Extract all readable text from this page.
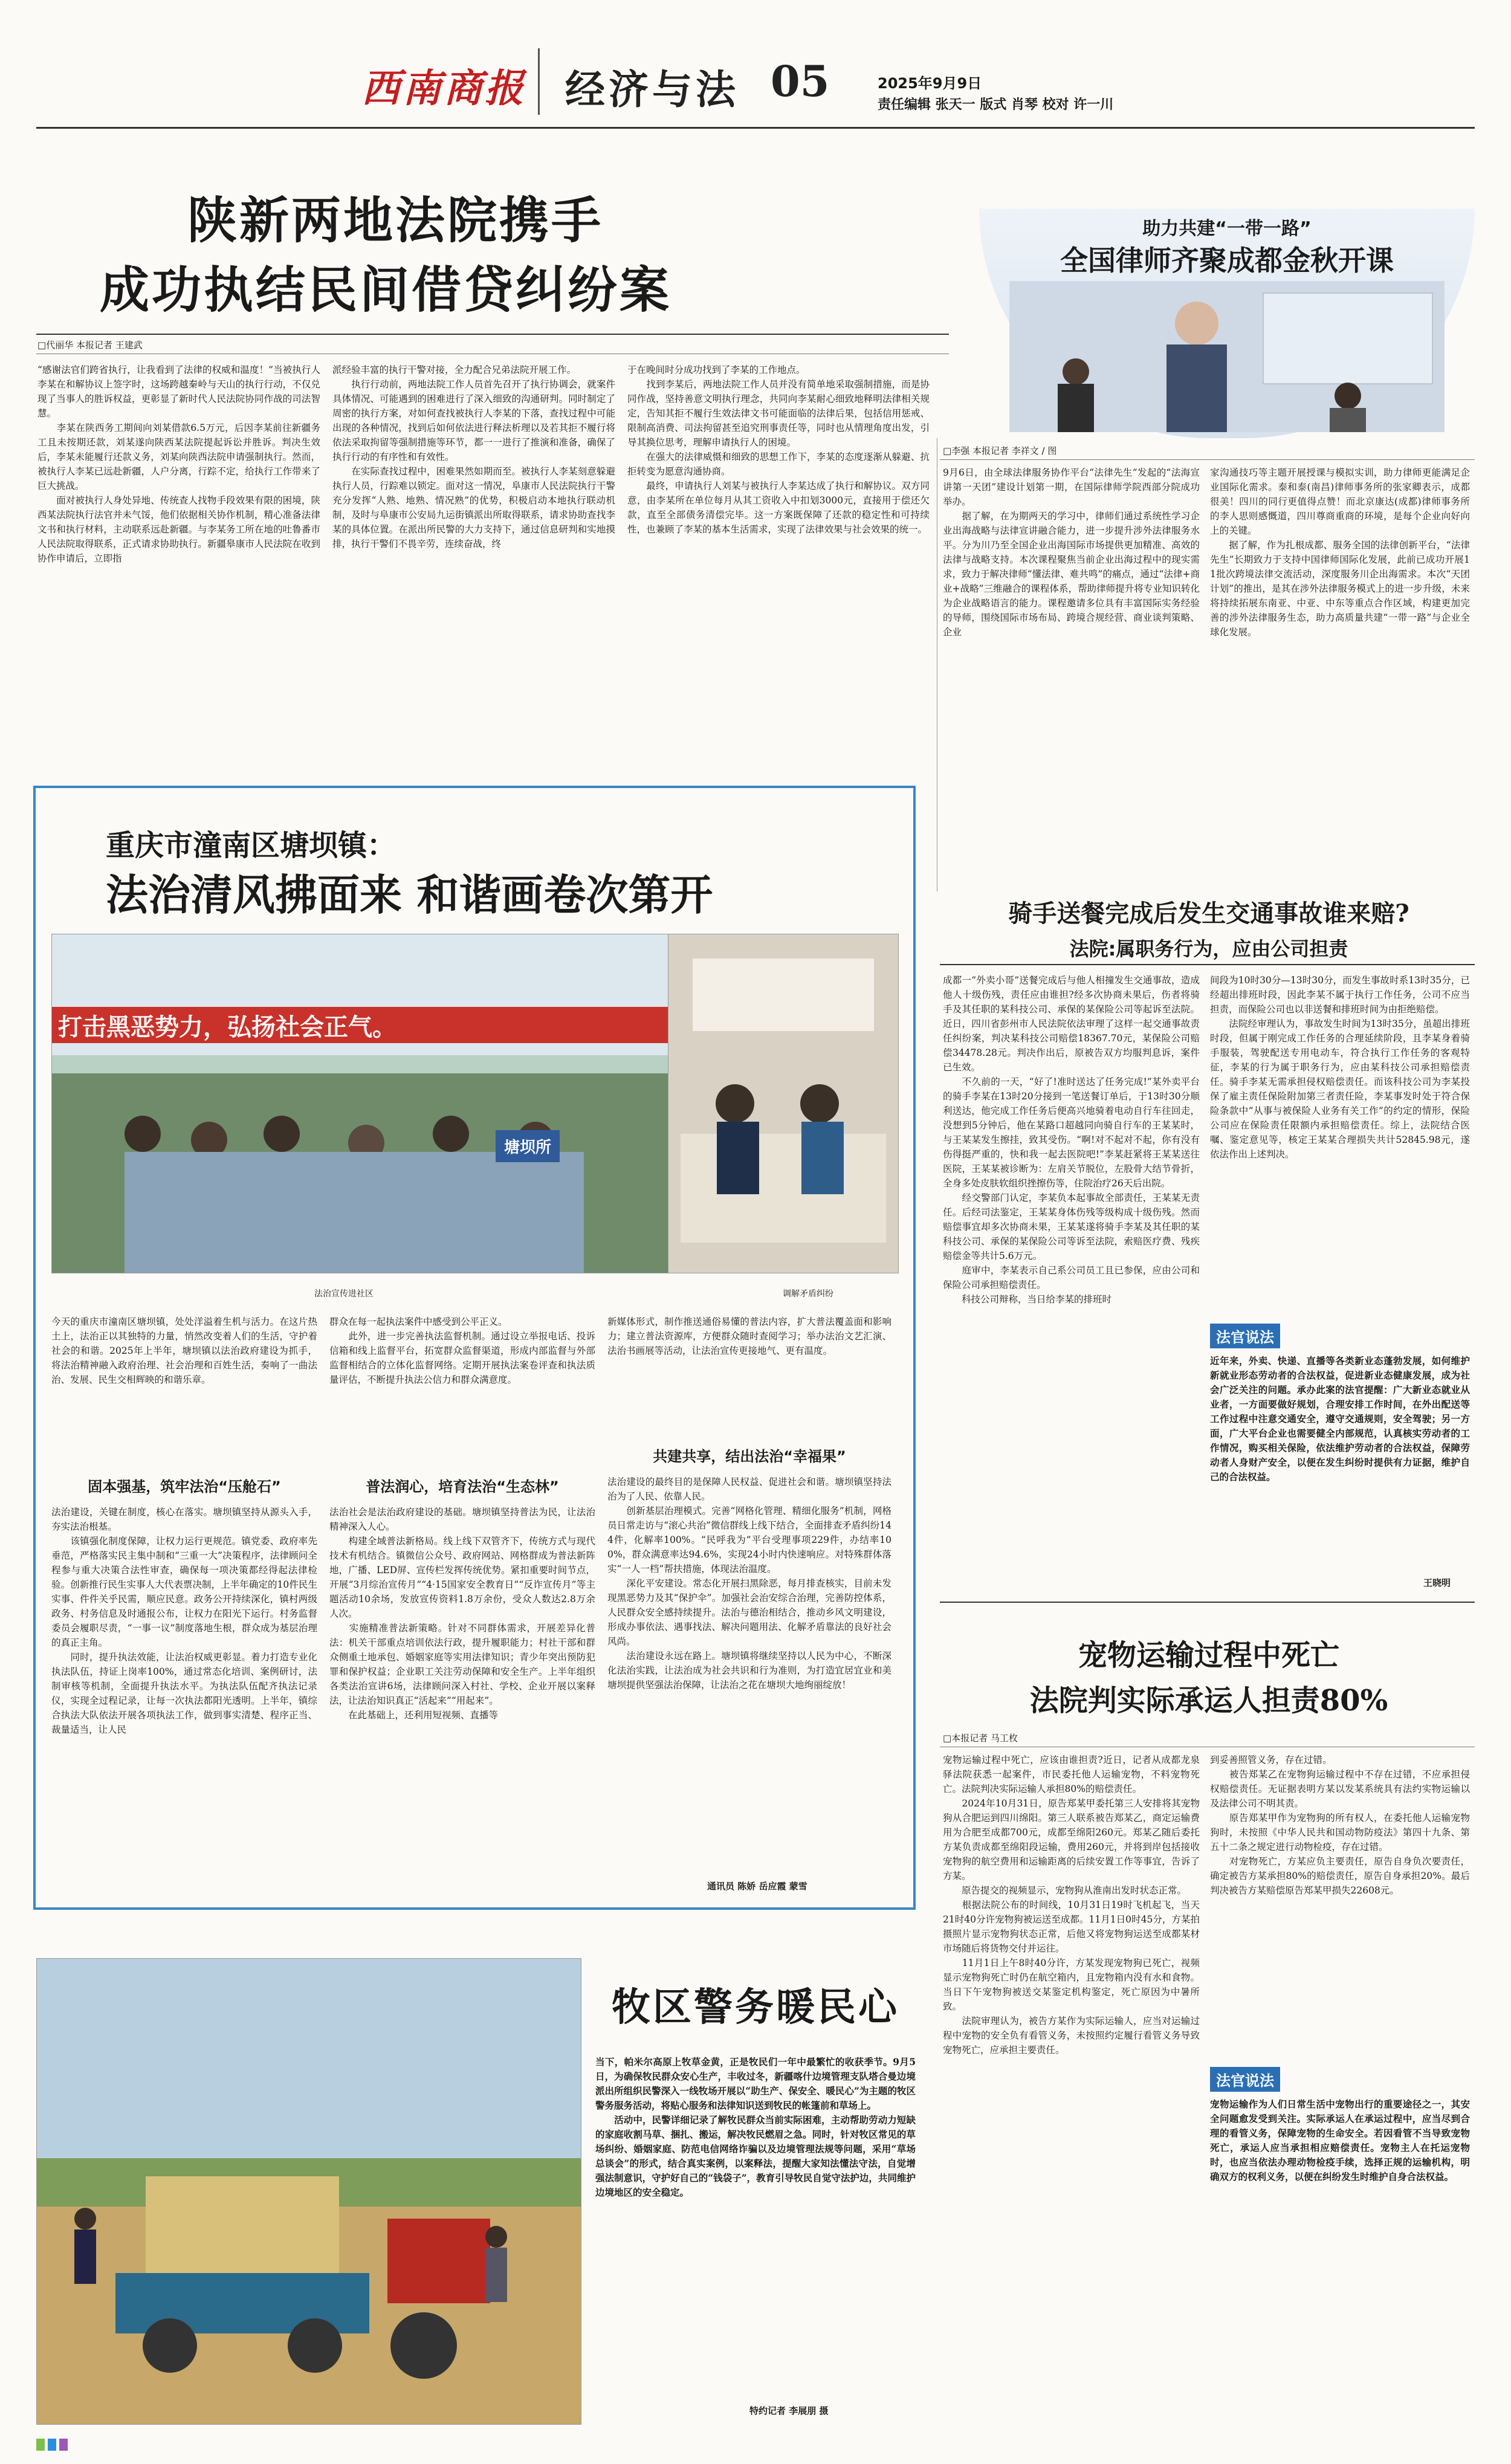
西南商报 经济与法 05	2025年9月9日
责任编辑 张天一 版式 肖琴 校对 许一川
陕新两地法院携手
成功执结民间借贷纠纷案
□代丽华 本报记者 王建武
“感谢法官们跨省执行，让我看到了法律的权威和温度！”当被执行人李某在和解协议上签字时，这场跨越秦岭与天山的执行行动，不仅兑现了当事人的胜诉权益，更彰显了新时代人民法院协同作战的司法智慧。
　　李某在陕西务工期间向刘某借款6.5万元，后因李某前往新疆务工且未按期还款，刘某遂向陕西某法院提起诉讼并胜诉。判决生效后，李某未能履行还款义务，刘某向陕西法院申请强制执行。然而，被执行人李某已远赴新疆，人户分离，行踪不定，给执行工作带来了巨大挑战。
　　面对被执行人身处异地、传统查人找物手段效果有限的困境，陕西某法院执行法官并未气馁，他们依据相关协作机制，精心准备法律文书和执行材料，主动联系远赴新疆。与李某务工所在地的吐鲁番市人民法院取得联系，正式请求协助执行。新疆皋康市人民法院在收到协作申请后，立即指
派经验丰富的执行干警对接，全力配合兄弟法院开展工作。
　　执行行动前，两地法院工作人员首先召开了执行协调会，就案件具体情况、可能遇到的困难进行了深入细致的沟通研判。同时制定了周密的执行方案，对如何查找被执行人李某的下落，查找过程中可能出现的各种情况，找到后如何依法进行释法析理以及若其拒不履行将依法采取拘留等强制措施等环节，都一一进行了推演和准备，确保了执行行动的有序性和有效性。
　　在实际查找过程中，困难果然如期而至。被执行人李某刻意躲避执行人员，行踪难以锁定。面对这一情况，阜康市人民法院执行干警充分发挥“人熟、地熟、情况熟”的优势，积极启动本地执行联动机制，及时与阜康市公安局九运街镇派出所取得联系，请求协助查找李某的具体位置。在派出所民警的大力支持下，通过信息研判和实地摸排，执行干警们不畏辛劳，连续奋战，终
于在晚间时分成功找到了李某的工作地点。
　　找到李某后，两地法院工作人员并没有简单地采取强制措施，而是协同作战，坚持善意文明执行理念，共同向李某耐心细致地释明法律相关规定，告知其拒不履行生效法律文书可能面临的法律后果，包括信用惩戒、限制高消费、司法拘留甚至追究刑事责任等，同时也从情理角度出发，引导其换位思考，理解申请执行人的困境。
　　在强大的法律威慑和细致的思想工作下，李某的态度逐渐从躲避、抗拒转变为愿意沟通协商。
　　最终，申请执行人刘某与被执行人李某达成了执行和解协议。双方同意，由李某所在单位每月从其工资收入中扣划3000元，直接用于偿还欠款，直至全部债务清偿完毕。这一方案既保障了还款的稳定性和可持续性，也兼顾了李某的基本生活需求，实现了法律效果与社会效果的统一。
助力共建“一带一路”
全国律师齐聚成都金秋开课
□李强 本报记者 李祥文 / 图
9月6日，由全球法律服务协作平台“法律先生”发起的“法海宣讲第一天团”建设计划第一期，在国际律师学院西部分院成功举办。
　　据了解，在为期两天的学习中，律师们通过系统性学习企业出海战略与法律宣讲融合能力，进一步提升涉外法律服务水平。分为川乃至全国企业出海国际市场提供更加精准、高效的法律与战略支持。本次课程聚焦当前企业出海过程中的现实需求，致力于解决律师“懂法律、难共鸣”的痛点，通过“法律+商业+战略”三维融合的课程体系，帮助律师提升将专业知识转化为企业战略语言的能力。课程邀请多位具有丰富国际实务经验的导师，围绕国际市场布局、跨境合规经营、商业谈判策略、企业
家沟通技巧等主题开展授课与模拟实训，助力律师更能满足企业国际化需求。泰和泰(南昌)律师事务所的张家卿表示，成都很美！四川的同行更值得点赞！而北京康达(成都)律师事务所的李人思则感慨道，四川尊商重商的环境，是每个企业向好向上的关键。
　　据了解，作为扎根成都、服务全国的法律创新平台，“法律先生”长期致力于支持中国律师国际化发展，此前已成功开展11批次跨境法律交流活动，深度服务川企出海需求。本次“天团计划”的推出，是其在涉外法律服务模式上的进一步升级，未来将持续拓展东南亚、中亚、中东等重点合作区域，构建更加完善的涉外法律服务生态，助力高质量共建“一带一路”与企业全球化发展。
重庆市潼南区塘坝镇：
法治清风拂面来 和谐画卷次第开
打击黑恶势力，弘扬社会正气。
塘坝所
法治宣传进社区	调解矛盾纠纷
今天的重庆市潼南区塘坝镇，处处洋溢着生机与活力。在这片热土上，法治正以其独特的力量，悄然改变着人们的生活，守护着社会的和谐。2025年上半年，塘坝镇以法治政府建设为抓手，将法治精神融入政府治理、社会治理和百姓生活，奏响了一曲法治、发展、民生交相辉映的和谐乐章。
固本强基，筑牢法治“压舱石”
法治建设，关键在制度，核心在落实。塘坝镇坚持从源头入手，夯实法治根基。
　　该镇强化制度保障，让权力运行更规范。镇党委、政府率先垂范，严格落实民主集中制和“三重一大”决策程序，法律顾问全程参与重大决策合法性审查，确保每一项决策都经得起法律检验。创新推行民生实事人大代表票决制，上半年确定的10件民生实事、件件关乎民需，顺应民意。政务公开持续深化，镇村两级政务、村务信息及时通报公布，让权力在阳光下运行。村务监督委员会履职尽责，“一事一议”制度落地生根，群众成为基层治理的真正主角。
　　同时，提升执法效能，让法治权威更彰显。着力打造专业化执法队伍，持证上岗率100%，通过常态化培训、案例研讨，法制审核等机制，全面提升执法水平。为执法队伍配齐执法记录仪，实现全过程记录，让每一次执法都阳光透明。上半年，镇综合执法大队依法开展各项执法工作，做到事实清楚、程序正当、裁量适当，让人民
群众在每一起执法案件中感受到公平正义。
　　此外，进一步完善执法监督机制。通过设立举报电话、投诉信箱和线上监督平台，拓宽群众监督渠道，形成内部监督与外部监督相结合的立体化监督网络。定期开展执法案卷评查和执法质量评估，不断提升执法公信力和群众满意度。
普法润心，培育法治“生态林”
法治社会是法治政府建设的基础。塘坝镇坚持普法为民，让法治精神深入人心。
　　构建全域普法新格局。线上线下双管齐下，传统方式与现代技术有机结合。镇微信公众号、政府网站、网格群成为普法新阵地，广播、LED屏、宣传栏发挥传统优势。紧扣重要时间节点，开展“3月综治宣传月”“4·15国家安全教育日”“反诈宣传月”等主题活动10余场，发放宣传资料1.8万余份，受众人数达2.8万余人次。
　　实施精准普法新策略。针对不同群体需求，开展差异化普法：机关干部重点培训依法行政，提升履职能力；村社干部和群众侧重土地承包、婚姻家庭等实用法律知识；青少年突出预防犯罪和保护权益；企业职工关注劳动保障和安全生产。上半年组织各类法治宣讲6场，法律顾问深入村社、学校、企业开展以案释法，让法治知识真正“活起来”“用起来”。
　　在此基础上，还利用短视频、直播等
新媒体形式，制作推送通俗易懂的普法内容，扩大普法覆盖面和影响力；建立普法资源库，方便群众随时查阅学习；举办法治文艺汇演、法治书画展等活动，让法治宣传更接地气、更有温度。
共建共享，结出法治“幸福果”
法治建设的最终目的是保障人民权益、促进社会和谐。塘坝镇坚持法治为了人民、依靠人民。
　　创新基层治理模式。完善“网格化管理、精细化服务”机制，网格员日常走访与“滚心共治”微信群线上线下结合，全面排查矛盾纠纷144件，化解率100%。“民呼我为”平台受理事项229件，办结率100%，群众满意率达94.6%，实现24小时内快速响应。对特殊群体落实“一人一档”帮扶措施，体现法治温度。
　　深化平安建设。常态化开展扫黑除恶，每月排查核实，目前未发现黑恶势力及其“保护伞”。加强社会治安综合治理，完善防控体系，人民群众安全感持续提升。法治与德治相结合，推动乡风文明建设，形成办事依法、遇事找法、解决问题用法、化解矛盾靠法的良好社会风尚。
　　法治建设永远在路上。塘坝镇将继续坚持以人民为中心，不断深化法治实践，让法治成为社会共识和行为准则，为打造宜居宜业和美塘坝提供坚强法治保障，让法治之花在塘坝大地绚丽绽放！
通讯员 陈娇 岳应霞 蒙雪
骑手送餐完成后发生交通事故谁来赔?
法院:属职务行为，应由公司担责
成都一“外卖小哥”送餐完成后与他人相撞发生交通事故，造成他人十级伤残，责任应由谁担?经多次协商未果后，伤者将骑手及其任职的某科技公司、承保的某保险公司等起诉至法院。近日，四川省彭州市人民法院依法审理了这样一起交通事故责任纠纷案，判决某科技公司赔偿18367.70元，某保险公司赔偿34478.28元。判决作出后，原被告双方均服判息诉，案件已生效。
　　不久前的一天，“好了!准时送达了任务完成!”某外卖平台的骑手李某在13时20分接到一笔送餐订单后，于13时30分顺利送达，他完成工作任务后便高兴地骑着电动自行车往回走，没想到5分钟后，他在某路口超越同向骑自行车的王某某时，与王某某发生擦挂，致其受伤。“啊!对不起对不起，你有没有伤得挺严重的，快和我一起去医院吧!”李某赶紧将王某某送往医院，王某某被诊断为：左肩关节脱位，左股骨大结节骨折，全身多处皮肤软组织挫擦伤等，住院治疗26天后出院。
　　经交警部门认定，李某负本起事故全部责任，王某某无责任。后经司法鉴定，王某某身体伤残等级构成十级伤残。然而赔偿事宜却多次协商未果，王某某遂将骑手李某及其任职的某科技公司、承保的某保险公司等诉至法院，索赔医疗费、残疾赔偿金等共计5.6万元。
　　庭审中，李某表示自己系公司员工且已参保，应由公司和保险公司承担赔偿责任。
　　科技公司辩称，当日给李某的排班时
间段为10时30分—13时30分，而发生事故时系13时35分，已经超出排班时段，因此李某不属于执行工作任务，公司不应当担责，而保险公司也以非送餐和排班时间为由拒绝赔偿。
　　法院经审理认为，事故发生时间为13时35分，虽超出排班时段，但属于刚完成工作任务的合理延续阶段，且李某身着骑手服装，驾驶配送专用电动车，符合执行工作任务的客观特征，李某的行为属于职务行为，应由某科技公司承担赔偿责任。骑手李某无需承担侵权赔偿责任。而该科技公司为李某投保了雇主责任保险附加第三者责任险，李某事发时处于符合保险条款中“从事与被保险人业务有关工作”的约定的情形，保险公司应在保险责任限额内承担赔偿责任。综上，法院结合医嘱、鉴定意见等，核定王某某合理损失共计52845.98元，遂依法作出上述判决。
法官说法
近年来，外卖、快递、直播等各类新业态蓬勃发展，如何维护新就业形态劳动者的合法权益，促进新业态健康发展，成为社会广泛关注的问题。承办此案的法官提醒：广大新业态就业从业者，一方面要做好规划，合理安排工作时间，在外出配送等工作过程中注意交通安全，遵守交通规则，安全驾驶；另一方面，广大平台企业也需要健全内部规范，认真核实劳动者的工作情况，购买相关保险，依法维护劳动者的合法权益，保障劳动者人身财产安全，以便在发生纠纷时提供有力证据，维护自己的合法权益。
王晓明
宠物运输过程中死亡
法院判实际承运人担责80%
□本报记者 马工枚
宠物运输过程中死亡，应该由谁担责?近日，记者从成都龙泉驿法院获悉一起案件，市民委托他人运输宠物，不料宠物死亡。法院判决实际运输人承担80%的赔偿责任。
　　2024年10月31日，原告郑某甲委托第三人安排将其宠物狗从合肥运到四川绵阳。第三人联系被告郑某乙，商定运输费用为合肥至成都700元，成都至绵阳260元。郑某乙随后委托方某负责成都至绵阳段运输，费用260元，并将到岸包括接收宠物狗的航空费用和运输距离的后续安置工作等事宜，告诉了方某。
　　原告提交的视频显示，宠物狗从淮南出发时状态正常。
　　根据法院公布的时间线，10月31日19时飞机起飞，当天21时40分许宠物狗被运送至成都。11月1日0时45分，方某拍摄照片显示宠物狗状态正常，后他又将宠物狗运送至成都某材市场随后将货物交付并运往。
　　11月1日上午8时40分许，方某发现宠物狗已死亡，视频显示宠物狗死亡时仍在航空箱内，且宠物箱内没有水和食物。当日下午宠物狗被送交某鉴定机构鉴定，死亡原因为中暑所致。
　　法院审理认为，被告方某作为实际运输人，应当对运输过程中宠物的安全负有看管义务，未按照约定履行看管义务导致宠物死亡，应承担主要责任。
到妥善照管义务，存在过错。
　　被告郑某乙在宠物狗运输过程中不存在过错，不应承担侵权赔偿责任。无证据表明方某以发某系统具有法约实物运输以及法律公司不明其责。
　　原告郑某甲作为宠物狗的所有权人，在委托他人运输宠物狗时，未按照《中华人民共和国动物防疫法》第四十九条、第五十二条之规定进行动物检疫，存在过错。
　　对宠物死亡，方某应负主要责任，原告自身负次要责任，确定被告方某承担80%的赔偿责任，原告自身承担20%。最后判决被告方某赔偿原告郑某甲损失22608元。
法官说法
宠物运输作为人们日常生活中宠物出行的重要途径之一，其安全问题愈发受到关注。实际承运人在承运过程中，应当尽到合理的看管义务，保障宠物的生命安全。若因看管不当导致宠物死亡，承运人应当承担相应赔偿责任。宠物主人在托运宠物时，也应当依法办理动物检疫手续，选择正规的运输机构，明确双方的权利义务，以便在纠纷发生时维护自身合法权益。
牧区警务暖民心
当下，帕米尔高原上牧草金黄，正是牧民们一年中最繁忙的收获季节。9月5日，为确保牧民群众安心生产，丰收过冬，新疆喀什边境管理支队塔合曼边境派出所组织民警深入一线牧场开展以“助生产、保安全、暖民心”为主题的牧区警务服务活动，将贴心服务和法律知识送到牧民的帐篷前和草场上。
　　活动中，民警详细记录了解牧民群众当前实际困难，主动帮助劳动力短缺的家庭收割马草、捆扎、搬运，解决牧民燃眉之急。同时，针对牧区常见的草场纠纷、婚姻家庭、防范电信网络诈骗以及边境管理法规等问题，采用“草场总谈会”的形式，结合真实案例，以案释法，提醒大家知法懂法守法，自觉增强法制意识，守护好自己的“钱袋子”，教育引导牧民自觉守法护边，共同维护边境地区的安全稳定。
特约记者 李展朋 摄
